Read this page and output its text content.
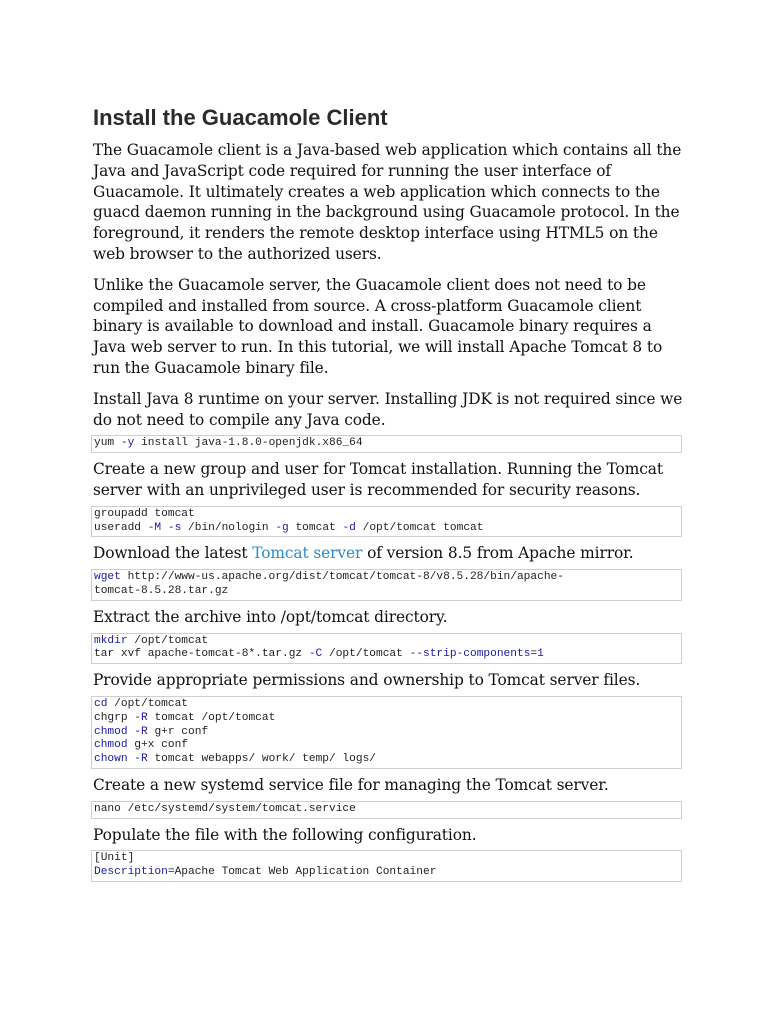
Install the Guacamole Client

The Guacamole client is a Java-based web application which contains all the Java and JavaScript code required for running the user interface of Guacamole. It ultimately creates a web application which connects to the guacd daemon running in the background using Guacamole protocol. In the foreground, it renders the remote desktop interface using HTML5 on the web browser to the authorized users.

Unlike the Guacamole server, the Guacamole client does not need to be compiled and installed from source. A cross-platform Guacamole client binary is available to download and install. Guacamole binary requires a Java web server to run. In this tutorial, we will install Apache Tomcat 8 to run the Guacamole binary file.

Install Java 8 runtime on your server. Installing JDK is not required since we do not need to compile any Java code.

yum -y install java-1.8.0-openjdk.x86_64

Create a new group and user for Tomcat installation. Running the Tomcat server with an unprivileged user is recommended for security reasons.

groupadd tomcat
useradd -M -s /bin/nologin -g tomcat -d /opt/tomcat tomcat

Download the latest Tomcat server of version 8.5 from Apache mirror.

wget http://www-us.apache.org/dist/tomcat/tomcat-8/v8.5.28/bin/apache-
tomcat-8.5.28.tar.gz

Extract the archive into /opt/tomcat directory.

mkdir /opt/tomcat
tar xvf apache-tomcat-8*.tar.gz -C /opt/tomcat --strip-components=1

Provide appropriate permissions and ownership to Tomcat server files.

cd /opt/tomcat
chgrp -R tomcat /opt/tomcat
chmod -R g+r conf
chmod g+x conf
chown -R tomcat webapps/ work/ temp/ logs/

Create a new systemd service file for managing the Tomcat server.

nano /etc/systemd/system/tomcat.service

Populate the file with the following configuration.

[Unit]
Description=Apache Tomcat Web Application Container
